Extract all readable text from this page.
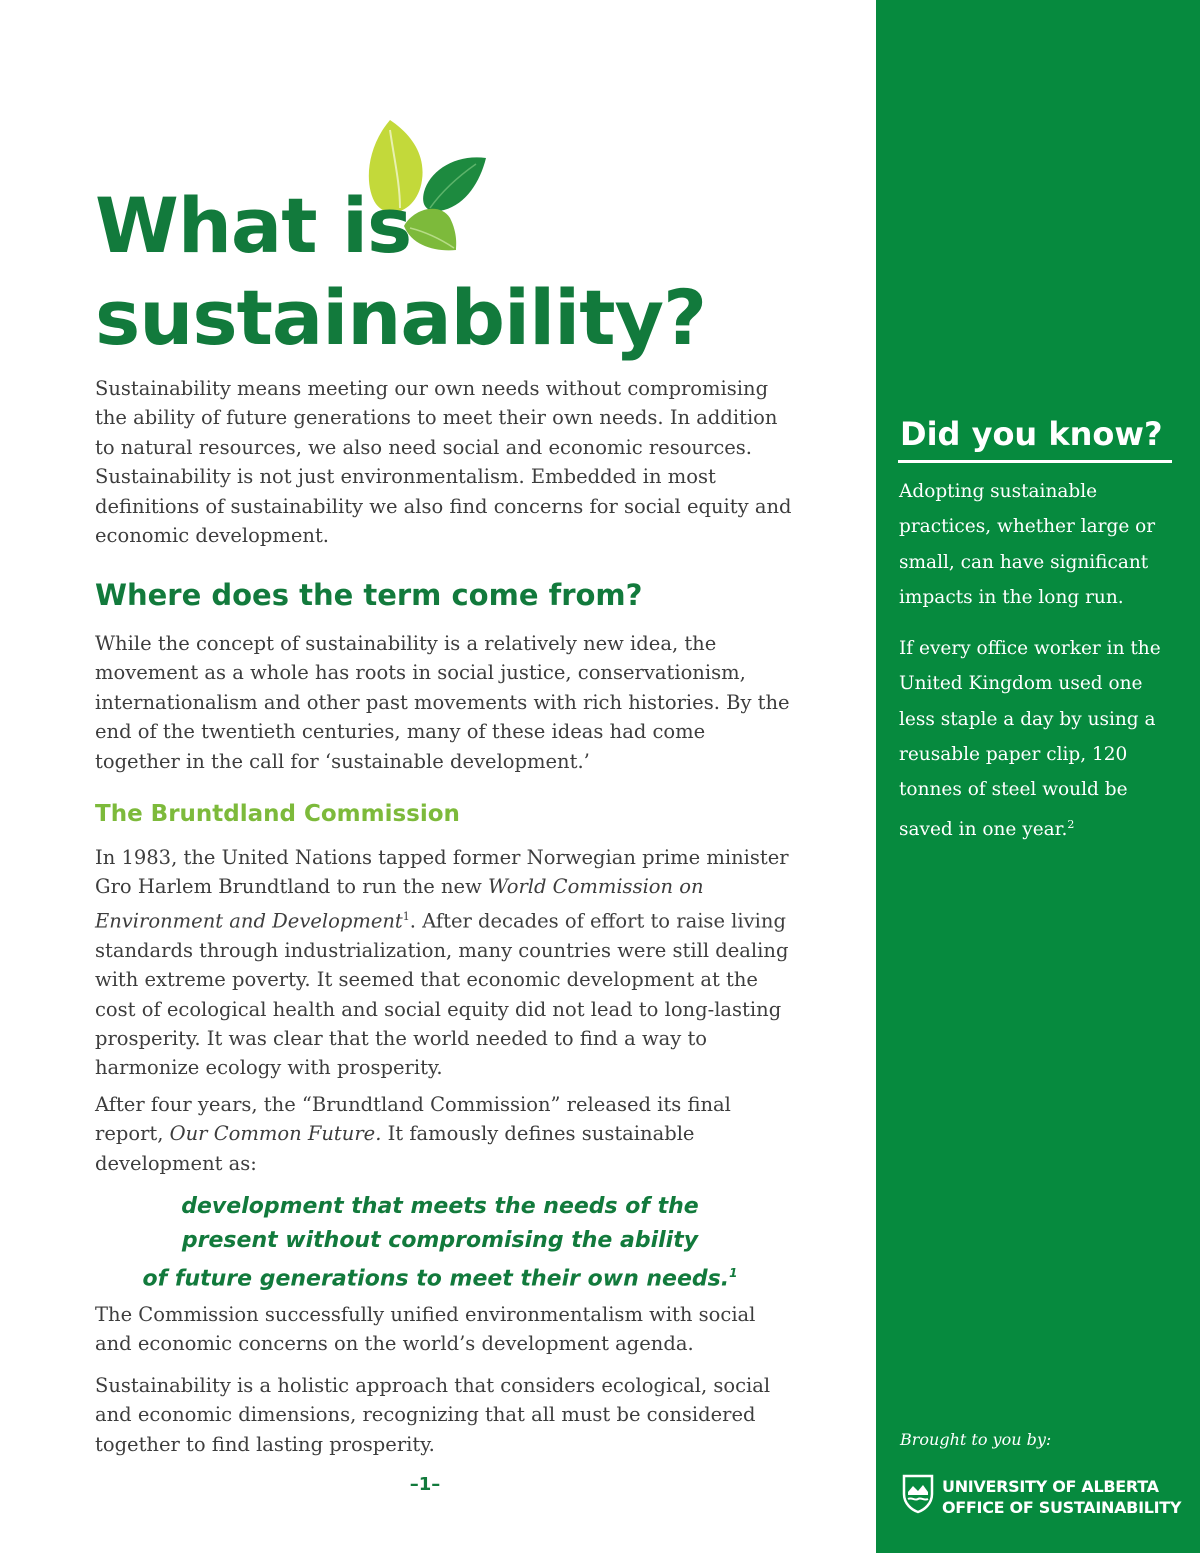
What is
sustainability?

Sustainability means meeting our own needs without compromising the ability of future generations to meet their own needs. In addition to natural resources, we also need social and economic resources. Sustainability is not just environmentalism. Embedded in most definitions of sustainability we also find concerns for social equity and economic development.

Where does the term come from?

While the concept of sustainability is a relatively new idea, the movement as a whole has roots in social justice, conservationism, internationalism and other past movements with rich histories. By the end of the twentieth centuries, many of these ideas had come together in the call for ‘sustainable development.’

The Bruntdland Commission

In 1983, the United Nations tapped former Norwegian prime minister Gro Harlem Brundtland to run the new World Commission on Environment and Development$^1$. After decades of effort to raise living standards through industrialization, many countries were still dealing with extreme poverty. It seemed that economic development at the cost of ecological health and social equity did not lead to long-lasting prosperity. It was clear that the world needed to find a way to harmonize ecology with prosperity.

After four years, the “Brundtland Commission” released its final report, Our Common Future. It famously defines sustainable development as:

development that meets the needs of the
present without compromising the ability
of future generations to meet their own needs.$^1$

The Commission successfully unified environmentalism with social and economic concerns on the world’s development agenda.

Sustainability is a holistic approach that considers ecological, social and economic dimensions, recognizing that all must be considered together to find lasting prosperity.

–1–
Did you know?

Adopting sustainable practices, whether large or small, can have significant impacts in the long run.

If every office worker in the United Kingdom used one less staple a day by using a reusable paper clip, 120 tonnes of steel would be saved in one year.$^2$

Brought to you by:

UNIVERSITY OF ALBERTA
OFFICE OF SUSTAINABILITY
